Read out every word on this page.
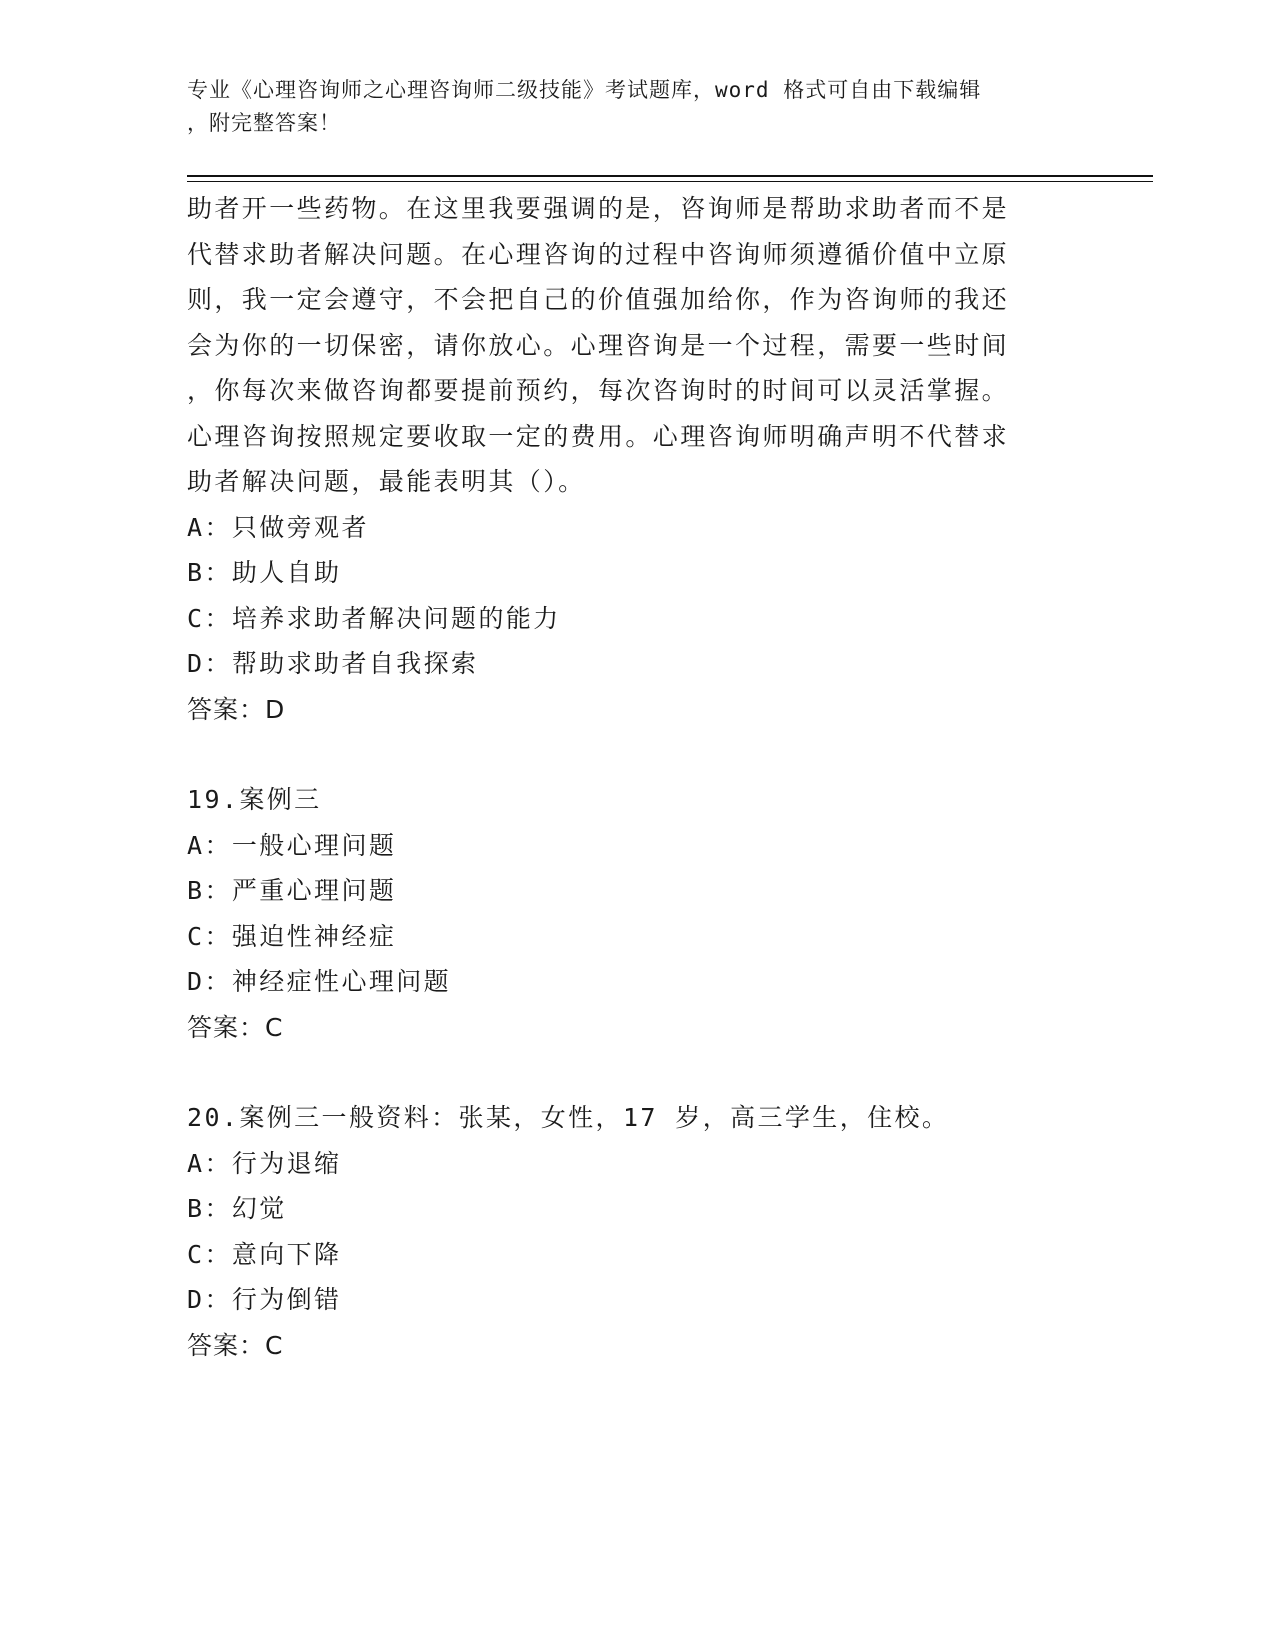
专业《心理咨询师之心理咨询师二级技能》考试题库，word 格式可自由下载编辑
，附完整答案！
助者开一些药物。在这里我要强调的是，咨询师是帮助求助者而不是
代替求助者解决问题。在心理咨询的过程中咨询师须遵循价值中立原
则，我一定会遵守，不会把自己的价值强加给你，作为咨询师的我还
会为你的一切保密，请你放心。心理咨询是一个过程，需要一些时间
，你每次来做咨询都要提前预约，每次咨询时的时间可以灵活掌握。
心理咨询按照规定要收取一定的费用。心理咨询师明确声明不代替求
助者解决问题，最能表明其（）。
A：只做旁观者
B：助人自助
C：培养求助者解决问题的能力
D：帮助求助者自我探索
答案：D
19.案例三
A：一般心理问题
B：严重心理问题
C：强迫性神经症
D：神经症性心理问题
答案：C
20.案例三一般资料：张某，女性，17 岁，高三学生，住校。
A：行为退缩
B：幻觉
C：意向下降
D：行为倒错
答案：C
